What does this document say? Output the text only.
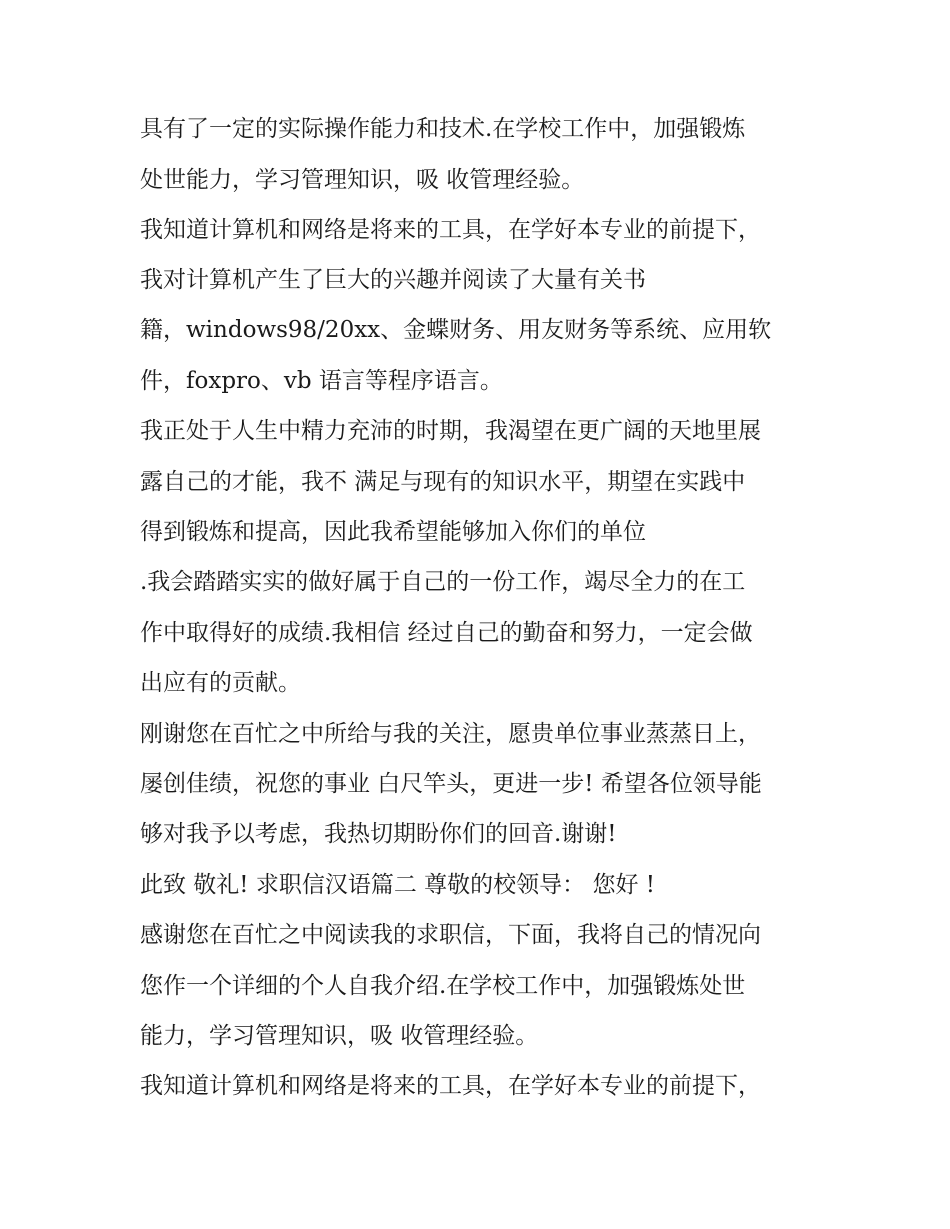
具有了一定的实际操作能力和技术.在学校工作中，加强锻炼
处世能力，学习管理知识，吸 收管理经验。
我知道计算机和网络是将来的工具，在学好本专业的前提下，
我对计算机产生了巨大的兴趣并阅读了大量有关书
籍，windows98/20xx、金蝶财务、用友财务等系统、应用软
件，foxpro、vb 语言等程序语言。
我正处于人生中精力充沛的时期，我渴望在更广阔的天地里展
露自己的才能，我不 满足与现有的知识水平，期望在实践中
得到锻炼和提高，因此我希望能够加入你们的单位
.我会踏踏实实的做好属于自己的一份工作，竭尽全力的在工
作中取得好的成绩.我相信 经过自己的勤奋和努力，一定会做
出应有的贡献。
刚谢您在百忙之中所给与我的关注，愿贵单位事业蒸蒸日上，
屡创佳绩，祝您的事业 白尺竿头，更进一步! 希望各位领导能
够对我予以考虑，我热切期盼你们的回音.谢谢!
此致 敬礼! 求职信汉语篇二 尊敬的校领导： 您好 !
感谢您在百忙之中阅读我的求职信，下面，我将自己的情况向
您作一个详细的个人自我介绍.在学校工作中，加强锻炼处世
能力，学习管理知识，吸 收管理经验。
我知道计算机和网络是将来的工具，在学好本专业的前提下，
